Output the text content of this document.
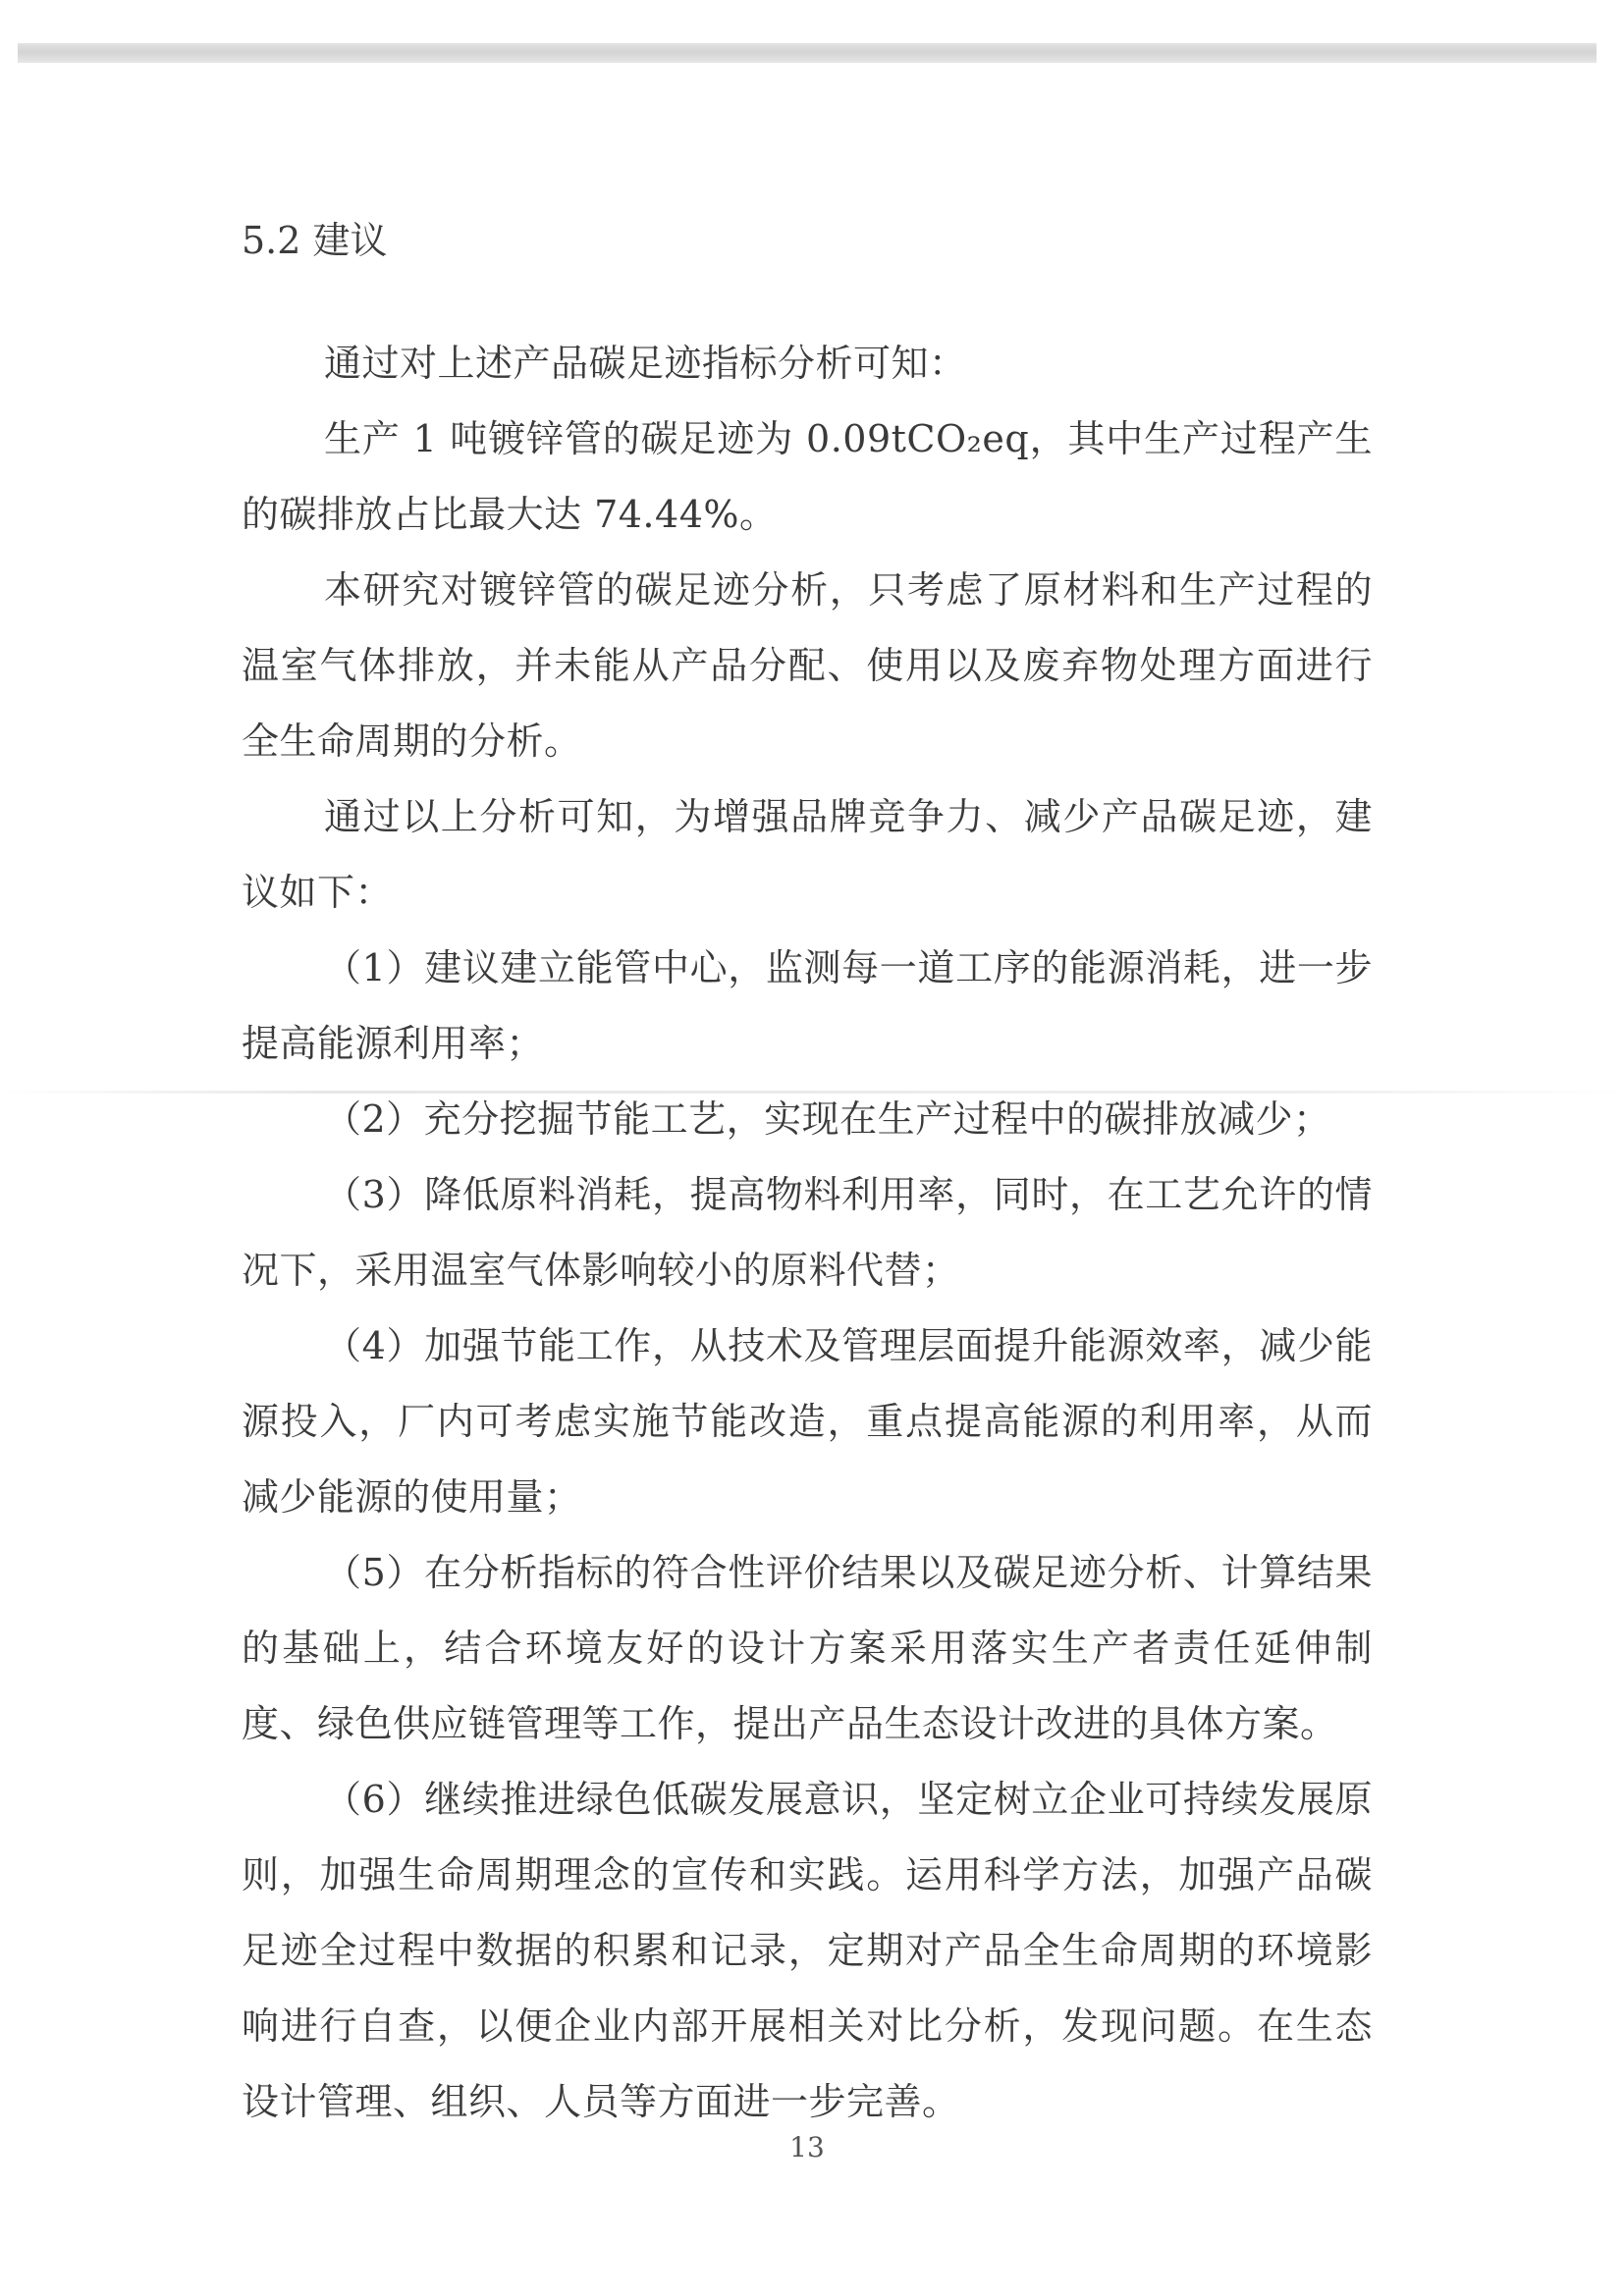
5.2 建议

通过对上述产品碳足迹指标分析可知：

生产 1 吨镀锌管的碳足迹为 0.09tCO₂eq，其中生产过程产生的碳排放占比最大达 74.44%。

本研究对镀锌管的碳足迹分析，只考虑了原材料和生产过程的温室气体排放，并未能从产品分配、使用以及废弃物处理方面进行全生命周期的分析。

通过以上分析可知，为增强品牌竞争力、减少产品碳足迹，建议如下：

（1）建议建立能管中心，监测每一道工序的能源消耗，进一步提高能源利用率；

（2）充分挖掘节能工艺，实现在生产过程中的碳排放减少；

（3）降低原料消耗，提高物料利用率，同时，在工艺允许的情况下，采用温室气体影响较小的原料代替；

（4）加强节能工作，从技术及管理层面提升能源效率，减少能源投入，厂内可考虑实施节能改造，重点提高能源的利用率，从而减少能源的使用量；

（5）在分析指标的符合性评价结果以及碳足迹分析、计算结果的基础上，结合环境友好的设计方案采用落实生产者责任延伸制度、绿色供应链管理等工作，提出产品生态设计改进的具体方案。

（6）继续推进绿色低碳发展意识，坚定树立企业可持续发展原则，加强生命周期理念的宣传和实践。运用科学方法，加强产品碳足迹全过程中数据的积累和记录，定期对产品全生命周期的环境影响进行自查，以便企业内部开展相关对比分析，发现问题。在生态设计管理、组织、人员等方面进一步完善。

13
